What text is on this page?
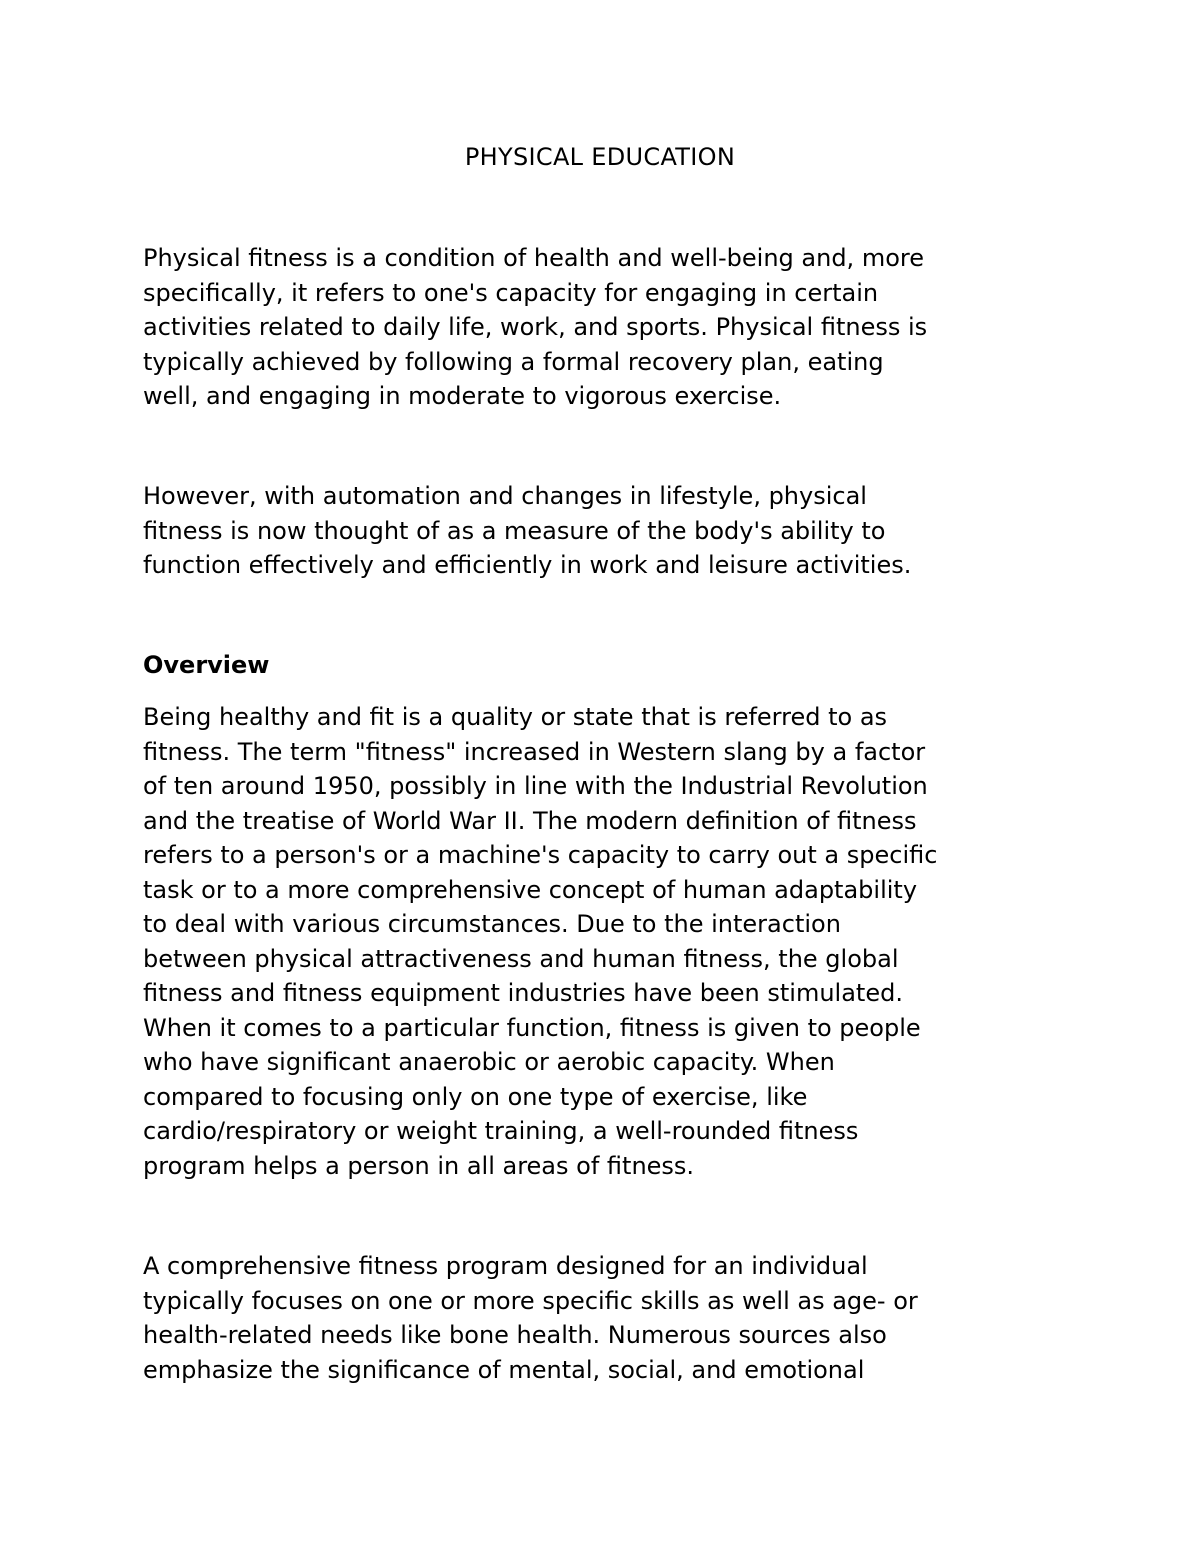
PHYSICAL EDUCATION

Physical fitness is a condition of health and well-being and, more
specifically, it refers to one's capacity for engaging in certain
activities related to daily life, work, and sports. Physical fitness is
typically achieved by following a formal recovery plan, eating
well, and engaging in moderate to vigorous exercise.

However, with automation and changes in lifestyle, physical
fitness is now thought of as a measure of the body's ability to
function effectively and efficiently in work and leisure activities.

Overview

Being healthy and fit is a quality or state that is referred to as
fitness. The term "fitness" increased in Western slang by a factor
of ten around 1950, possibly in line with the Industrial Revolution
and the treatise of World War II. The modern definition of fitness
refers to a person's or a machine's capacity to carry out a specific
task or to a more comprehensive concept of human adaptability
to deal with various circumstances. Due to the interaction
between physical attractiveness and human fitness, the global
fitness and fitness equipment industries have been stimulated.
When it comes to a particular function, fitness is given to people
who have significant anaerobic or aerobic capacity. When
compared to focusing only on one type of exercise, like
cardio/respiratory or weight training, a well-rounded fitness
program helps a person in all areas of fitness.

A comprehensive fitness program designed for an individual
typically focuses on one or more specific skills as well as age- or
health-related needs like bone health. Numerous sources also
emphasize the significance of mental, social, and emotional
